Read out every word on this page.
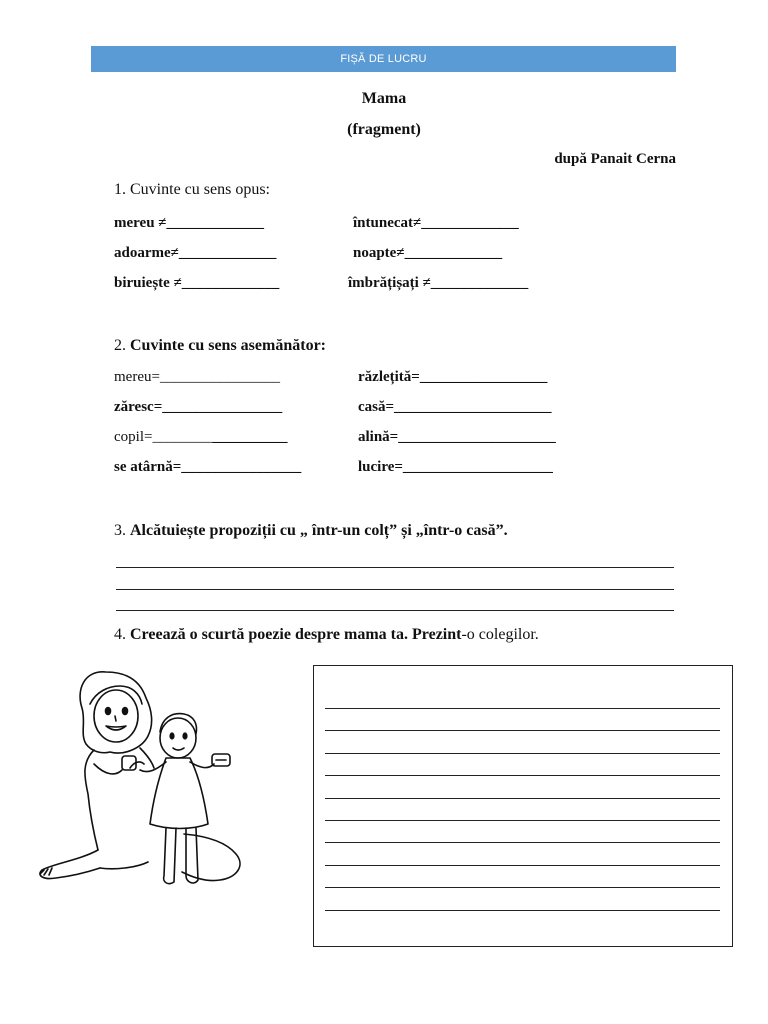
FIȘĂ DE LUCRU
Mama
(fragment)
după Panait Cerna
1. Cuvinte cu sens opus:
mereu ≠_____________	întunecat≠_____________
adoarme≠_____________	noapte≠_____________
biruiește ≠_____________	îmbrățișați ≠_____________
2. Cuvinte cu sens asemănător:
mereu=________________	răzlețită=_________________
zăresc=________________	casă=_____________________
copil=__________________	alină=_____________________
se atârnă=________________	lucire=____________________
3. Alcătuiește propoziții cu „ într-un colț” și „într-o casă”.
4. Creează o scurtă poezie despre mama ta. Prezint-o colegilor.
